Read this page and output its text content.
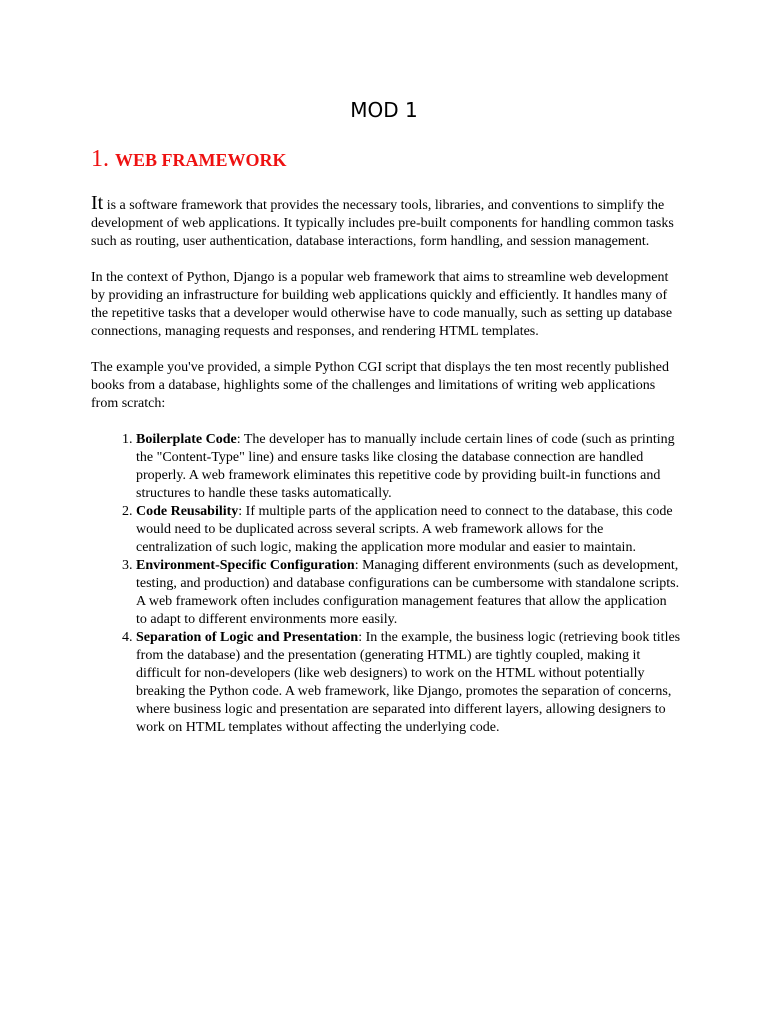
MOD 1
1. WEB FRAMEWORK

It is a software framework that provides the necessary tools, libraries, and conventions to simplify the development of web applications. It typically includes pre-built components for handling common tasks such as routing, user authentication, database interactions, form handling, and session management.

In the context of Python, Django is a popular web framework that aims to streamline web development by providing an infrastructure for building web applications quickly and efficiently. It handles many of the repetitive tasks that a developer would otherwise have to code manually, such as setting up database connections, managing requests and responses, and rendering HTML templates.

The example you've provided, a simple Python CGI script that displays the ten most recently published books from a database, highlights some of the challenges and limitations of writing web applications from scratch:

1. Boilerplate Code: The developer has to manually include certain lines of code (such as printing the "Content-Type" line) and ensure tasks like closing the database connection are handled properly. A web framework eliminates this repetitive code by providing built-in functions and structures to handle these tasks automatically.
2. Code Reusability: If multiple parts of the application need to connect to the database, this code would need to be duplicated across several scripts. A web framework allows for the centralization of such logic, making the application more modular and easier to maintain.
3. Environment-Specific Configuration: Managing different environments (such as development, testing, and production) and database configurations can be cumbersome with standalone scripts. A web framework often includes configuration management features that allow the application to adapt to different environments more easily.
4. Separation of Logic and Presentation: In the example, the business logic (retrieving book titles from the database) and the presentation (generating HTML) are tightly coupled, making it difficult for non-developers (like web designers) to work on the HTML without potentially breaking the Python code. A web framework, like Django, promotes the separation of concerns, where business logic and presentation are separated into different layers, allowing designers to work on HTML templates without affecting the underlying code.
